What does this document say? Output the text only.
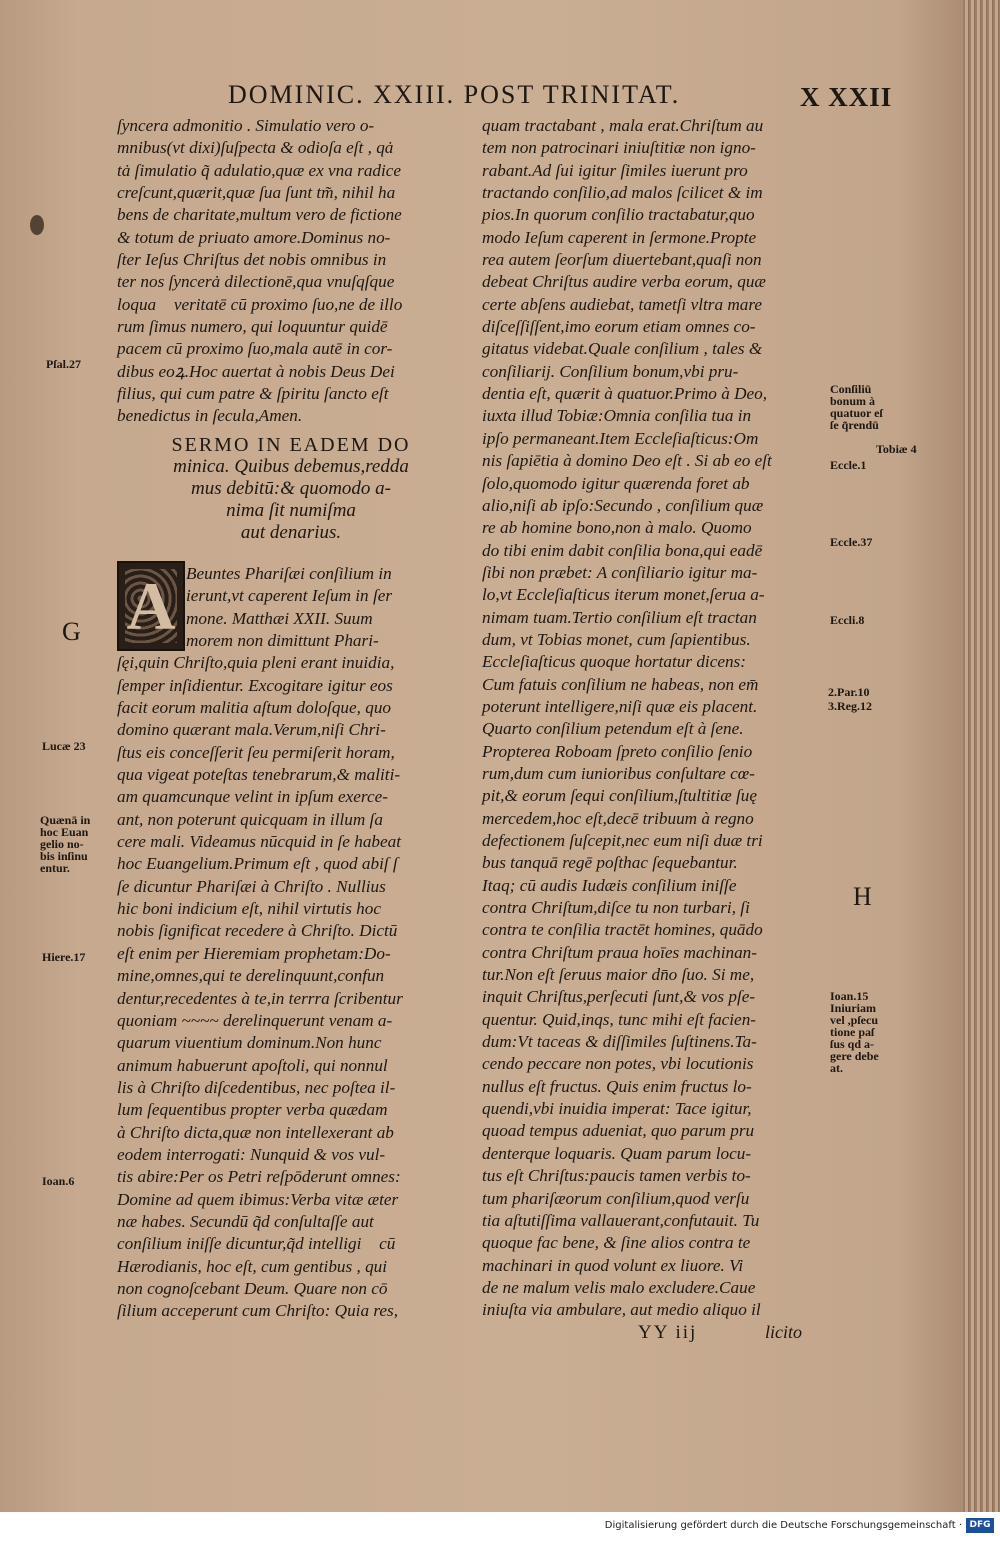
DOMINIC. XXIII. POST TRINITAT.	X XXII
ſyncera admonitio . Simulatio vero o-
mnibus(vt dixi)ſuſpecta & odioſa eſt , qȧ
tȧ ſimulatio q̃ adulatio,quæ ex vna radice
creſcunt,quærit,quæ ſua ſunt tm̃, nihil ha
bens de charitate,multum vero de fictione
& totum de priuato amore.Dominus no-
ſter Ieſus Chriſtus det nobis omnibus in
ter nos ſyncerȧ dilectionē,qua vnuſqſque
loquaᷓ veritatē cū proximo ſuo,ne de illo
rum ſimus numero, qui loquuntur quidē
pacem cū proximo ſuo,mala autē in cor-
dibus eoꝝ.Hoc auertat à nobis Deus Dei
filius, qui cum patre & ſpiritu ſancto eſt
benedictus in ſecula,Amen.
SERMO IN EADEM DO
minica. Quibus debemus,redda
mus debitū:& quomodo a-
nima ſit numiſma
aut denarius.
A Beuntes Phariſæi conſilium in
ierunt,vt caperent Ieſum in ſer
mone. Matthæi XXII. Suum
morem non dimittunt Phari-
ſęi,quin Chriſto,quia pleni erant inuidia,
ſemper inſidientur. Excogitare igitur eos
facit eorum malitia aſtum doloſque, quo
domino quærant mala.Verum,niſi Chri-
ſtus eis conceſſerit ſeu permiſerit horam,
qua vigeat poteſtas tenebrarum,& maliti-
am quamcunque velint in ipſum exerce-
ant, non poterunt quicquam in illum ſa
cere mali. Videamus nūcquid in ſe habeat
hoc Euangelium.Primum eſt , quod abiſ ſ
ſe dicuntur Phariſæi à Chriſto . Nullius
hic boni indicium eſt, nihil virtutis hoc
nobis ſignificat recedere à Chriſto. Dictū
eſt enim per Hieremiam prophetam:Do-
mine,omnes,qui te derelinquunt,confun
dentur,recedentes à te,in terrra ſcribentur
quoniam ~~~~ derelinquerunt venam a-
quarum viuentium dominum.Non hunc
animum habuerunt apoſtoli, qui nonnul
lis à Chriſto diſcedentibus, nec poſtea il-
lum ſequentibus propter verba quædam
à Chriſto dicta,quæ non intellexerant ab
eodem interrogati: Nunquid & vos vul-
tis abire:Per os Petri reſpōderunt omnes:
Domine ad quem ibimus:Verba vitæ æter
næ habes. Secundū q̃d conſultaſſe aut
conſilium iniſſe dicuntur,q̃d intelligiᷓ cū
Hærodianis, hoc eſt, cum gentibus , qui
non cognoſcebant Deum. Quare non cō
ſilium acceperunt cum Chriſto: Quia res,
quam tractabant , mala erat.Chriſtum au
tem non patrocinari iniuſtitiæ non igno-
rabant.Ad ſui igitur ſimiles iuerunt pro
tractando conſilio,ad malos ſcilicet & im
pios.In quorum conſilio tractabatur,quo
modo Ieſum caperent in ſermone.Propte
rea autem ſeorſum diuertebant,quaſi non
debeat Chriſtus audire verba eorum, quæ
certe abſens audiebat, tametſi vltra mare
diſceſſiſſent,imo eorum etiam omnes co-
gitatus videbat.Quale conſilium , tales &
conſiliarij. Conſilium bonum,vbi pru-
dentia eſt, quærit à quatuor.Primo à Deo,
iuxta illud Tobiæ:Omnia conſilia tua in
ipſo permaneant.Item Eccleſiaſticus:Om
nis ſapiētia à domino Deo eſt . Si ab eo eſt
ſolo,quomodo igitur quærenda foret ab
alio,niſi ab ipſo:Secundo , conſilium quæ
re ab homine bono,non à malo. Quomo
do tibi enim dabit conſilia bona,qui eadē
ſibi non præbet: A conſiliario igitur ma-
lo,vt Eccleſiaſticus iterum monet,ſerua a-
nimam tuam.Tertio conſilium eſt tractan
dum, vt Tobias monet, cum ſapientibus.
Eccleſiaſticus quoque hortatur dicens:
Cum fatuis conſilium ne habeas, non em̄
poterunt intelligere,niſi quæ eis placent.
Quarto conſilium petendum eſt à ſene.
Propterea Roboam ſpreto conſilio ſenio
rum,dum cum iunioribus conſultare cœ-
pit,& eorum ſequi conſilium,ſtultitiæ ſuę
mercedem,hoc eſt,decē tribuum à regno
defectionem ſuſcepit,nec eum niſi duæ tri
bus tanquā regē poſthac ſequebantur.
Itaq; cū audis Iudæis conſilium iniſſe
contra Chriſtum,diſce tu non turbari, ſi
contra te conſilia tractēt homines, quādo
contra Chriſtum praua hoīes machinan-
tur.Non eſt ſeruus maior dn̄o ſuo. Si me,
inquit Chriſtus,perſecuti ſunt,& vos pſe-
quentur. Quid,inqs, tunc mihi eſt facien-
dum:Vt taceas & diſſimiles ſuſtinens.Ta-
cendo peccare non potes, vbi locutionis
nullus eſt fructus. Quis enim fructus lo-
quendi,vbi inuidia imperat: Tace igitur,
quoad tempus adueniat, quo parum pru
denterque loquaris. Quam parum locu-
tus eſt Chriſtus:paucis tamen verbis to-
tum phariſæorum conſilium,quod verſu
tia aſtutiſſima vallauerant,confutauit. Tu
quoque fac bene, & ſine alios contra te
machinari in quod volunt ex liuore. Vi
de ne malum velis malo excludere.Caue
iniuſta via ambulare, aut medio aliquo il
Pſal.27
G
Lucæ 23
Quænā in
hoc Euan
gelio no-
bis inſinu
entur.
Hiere.17
Ioan.6
Conſiliū
bonum à
quatuor eſ
ſe q̃rendū
Tobiæ 4
Eccle.1
Eccle.37
Eccli.8
2.Par.10
3.Reg.12
H
Ioan.15
Iniuriam
vel ,pſecu
tione paſ
ſus qd a-
gere debe
at.
YY iij	licito
Digitalisierung gefördert durch die Deutsche Forschungsgemeinschaft · DFG
